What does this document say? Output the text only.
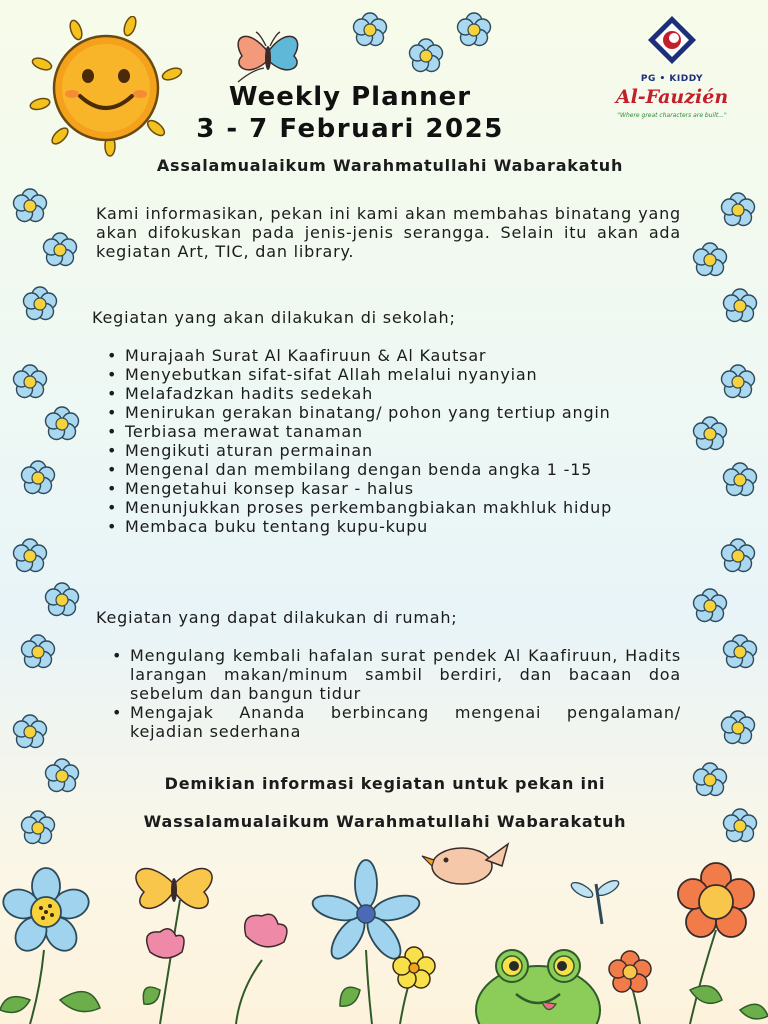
PG • KIDDY
Al-Fauzién
"Where great characters are built..."
Weekly Planner
3 - 7 Februari 2025
Assalamualaikum Warahmatullahi Wabarakatuh
Kami informasikan, pekan ini kami akan membahas binatang yang akan difokuskan pada jenis-jenis serangga. Selain itu akan ada kegiatan Art, TIC, dan library.
Kegiatan yang akan dilakukan di sekolah;
• Murajaah Surat Al Kaafiruun & Al Kautsar
• Menyebutkan sifat-sifat Allah melalui nyanyian
• Melafadzkan hadits sedekah
• Menirukan gerakan binatang/ pohon yang tertiup angin
• Terbiasa merawat tanaman
• Mengikuti aturan permainan
• Mengenal dan membilang dengan benda angka 1 -15
• Mengetahui konsep kasar - halus
• Menunjukkan proses perkembangbiakan makhluk hidup
• Membaca buku tentang kupu-kupu
Kegiatan yang dapat dilakukan di rumah;
• Mengulang kembali hafalan surat pendek Al Kaafiruun, Hadits larangan makan/minum sambil berdiri, dan bacaan doa sebelum dan bangun tidur
• Mengajak Ananda berbincang mengenai pengalaman/ kejadian sederhana
Demikian informasi kegiatan untuk pekan ini
Wassalamualaikum Warahmatullahi Wabarakatuh
